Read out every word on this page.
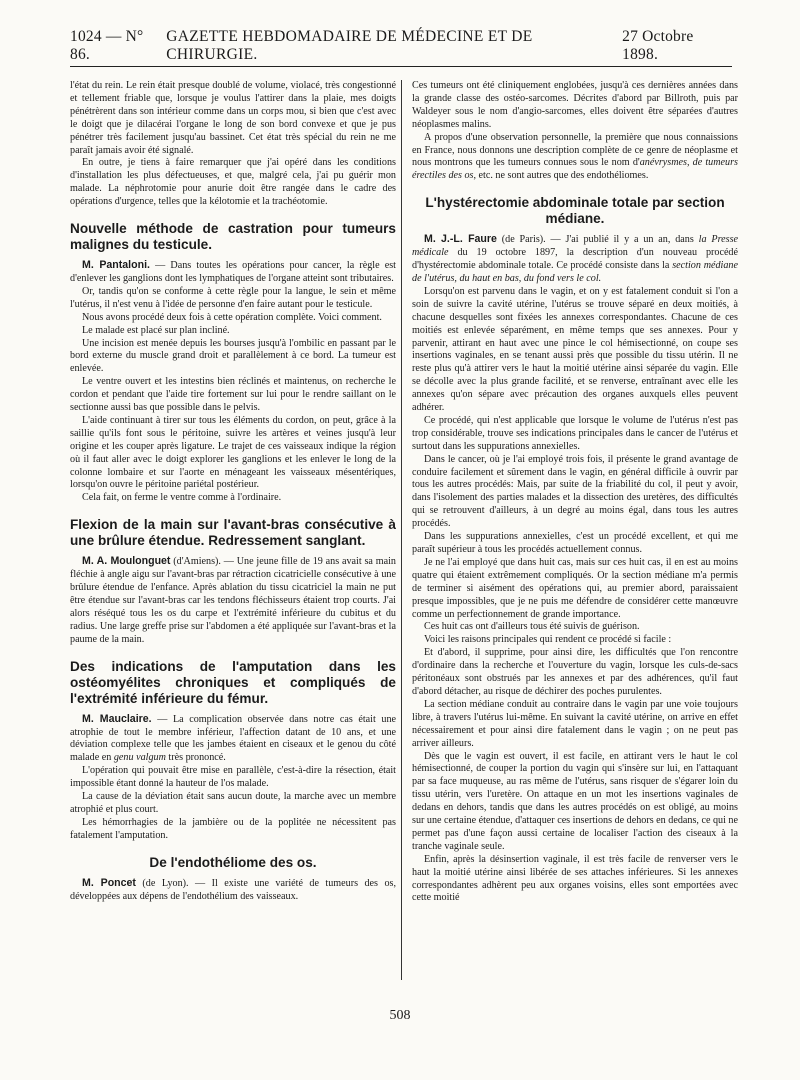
1024 — N° 86.
GAZETTE HEBDOMADAIRE DE MÉDECINE ET DE CHIRURGIE.
27 Octobre 1898.

l'état du rein. Le rein était presque doublé de volume, violacé, très congestionné et tellement friable que, lorsque je voulus l'attirer dans la plaie, mes doigts pénétrèrent dans son intérieur comme dans un corps mou, si bien que c'est avec le doigt que je dilacérai l'organe le long de son bord convexe et que je pus pénétrer très facilement jusqu'au bassinet. Cet état très spécial du rein ne me paraît jamais avoir été signalé.

En outre, je tiens à faire remarquer que j'ai opéré dans les conditions d'installation les plus défectueuses, et que, malgré cela, j'ai pu guérir mon malade. La néphrotomie pour anurie doit être rangée dans le cadre des opérations d'urgence, telles que la kélotomie et la trachéotomie.

Nouvelle méthode de castration pour tumeurs malignes du testicule.

M. Pantaloni. — Dans toutes les opérations pour cancer, la règle est d'enlever les ganglions dont les lymphatiques de l'organe atteint sont tributaires.

Or, tandis qu'on se conforme à cette règle pour la langue, le sein et même l'utérus, il n'est venu à l'idée de personne d'en faire autant pour le testicule.

Nous avons procédé deux fois à cette opération complète. Voici comment.

Le malade est placé sur plan incliné.

Une incision est menée depuis les bourses jusqu'à l'ombilic en passant par le bord externe du muscle grand droit et parallèlement à ce bord. La tumeur est enlevée.

Le ventre ouvert et les intestins bien réclinés et maintenus, on recherche le cordon et pendant que l'aide tire fortement sur lui pour le rendre saillant on le sectionne aussi bas que possible dans le pelvis.

L'aide continuant à tirer sur tous les éléments du cordon, on peut, grâce à la saillie qu'ils font sous le péritoine, suivre les artères et veines jusqu'à leur origine et les couper après ligature. Le trajet de ces vaisseaux indique la région où il faut aller avec le doigt explorer les ganglions et les enlever le long de la colonne lombaire et sur l'aorte en ménageant les vaisseaux mésentériques, lorsqu'on ouvre le péritoine pariétal postérieur.

Cela fait, on ferme le ventre comme à l'ordinaire.

Flexion de la main sur l'avant-bras consécutive à une brûlure étendue. Redressement sanglant.

M. A. Moulonguet (d'Amiens). — Une jeune fille de 19 ans avait sa main fléchie à angle aigu sur l'avant-bras par rétraction cicatricielle consécutive à une brûlure étendue de l'enfance. Après ablation du tissu cicatriciel la main ne put être étendue sur l'avant-bras car les tendons fléchisseurs étaient trop courts. J'ai alors réséqué tous les os du carpe et l'extrémité inférieure du cubitus et du radius. Une large greffe prise sur l'abdomen a été appliquée sur l'avant-bras et la paume de la main.

Des indications de l'amputation dans les ostéomyélites chroniques et compliqués de l'extrémité inférieure du fémur.

M. Mauclaire. — La complication observée dans notre cas était une atrophie de tout le membre inférieur, l'affection datant de 10 ans, et une déviation complexe telle que les jambes étaient en ciseaux et le genou du côté malade en genu valgum très prononcé.

L'opération qui pouvait être mise en parallèle, c'est-à-dire la résection, était impossible étant donné la hauteur de l'os malade.

La cause de la déviation était sans aucun doute, la marche avec un membre atrophié et plus court.

Les hémorrhagies de la jambière ou de la poplitée ne nécessitent pas fatalement l'amputation.

De l'endothéliome des os.

M. Poncet (de Lyon). — Il existe une variété de tumeurs des os, développées aux dépens de l'endothélium des vaisseaux.

Ces tumeurs ont été cliniquement englobées, jusqu'à ces dernières années dans la grande classe des ostéo-sarcomes. Décrites d'abord par Billroth, puis par Waldeyer sous le nom d'angio-sarcomes, elles doivent être séparées d'autres néoplasmes malins.

A propos d'une observation personnelle, la première que nous connaissions en France, nous donnons une description complète de ce genre de néoplasme et nous montrons que les tumeurs connues sous le nom d'anévrysmes, de tumeurs érectiles des os, etc. ne sont autres que des endothéliomes.

L'hystérectomie abdominale totale par section médiane.

M. J.-L. Faure (de Paris). — J'ai publié il y a un an, dans la Presse médicale du 19 octobre 1897, la description d'un nouveau procédé d'hystérectomie abdominale totale. Ce procédé consiste dans la section médiane de l'utérus, du haut en bas, du fond vers le col.

Lorsqu'on est parvenu dans le vagin, et on y est fatalement conduit si l'on a soin de suivre la cavité utérine, l'utérus se trouve séparé en deux moitiés, à chacune desquelles sont fixées les annexes correspondantes. Chacune de ces moitiés est enlevée séparément, en même temps que ses annexes. Pour y parvenir, attirant en haut avec une pince le col hémisectionné, on coupe ses insertions vaginales, en se tenant aussi près que possible du tissu utérin. Il ne reste plus qu'à attirer vers le haut la moitié utérine ainsi séparée du vagin. Elle se décolle avec la plus grande facilité, et se renverse, entraînant avec elle les annexes qu'on sépare avec précaution des organes auxquels elles peuvent adhérer.

Ce procédé, qui n'est applicable que lorsque le volume de l'utérus n'est pas trop considérable, trouve ses indications principales dans le cancer de l'utérus et surtout dans les suppurations annexielles.

Dans le cancer, où je l'ai employé trois fois, il présente le grand avantage de conduire facilement et sûrement dans le vagin, en général difficile à ouvrir par tous les autres procédés: Mais, par suite de la friabilité du col, il peut y avoir, dans l'isolement des parties malades et la dissection des uretères, des difficultés qui se retrouvent d'ailleurs, à un degré au moins égal, dans tous les autres procédés.

Dans les suppurations annexielles, c'est un procédé excellent, et qui me paraît supérieur à tous les procédés actuellement connus.

Je ne l'ai employé que dans huit cas, mais sur ces huit cas, il en est au moins quatre qui étaient extrêmement compliqués. Or la section médiane m'a permis de terminer si aisément des opérations qui, au premier abord, paraissaient presque impossibles, que je ne puis me défendre de considérer cette manœuvre comme un perfectionnement de grande importance.

Ces huit cas ont d'ailleurs tous été suivis de guérison.

Voici les raisons principales qui rendent ce procédé si facile :

Et d'abord, il supprime, pour ainsi dire, les difficultés que l'on rencontre d'ordinaire dans la recherche et l'ouverture du vagin, lorsque les culs-de-sacs péritonéaux sont obstrués par les annexes et par des adhérences, qu'il faut d'abord détacher, au risque de déchirer des poches purulentes.

La section médiane conduit au contraire dans le vagin par une voie toujours libre, à travers l'utérus lui-même. En suivant la cavité utérine, on arrive en effet nécessairement et pour ainsi dire fatalement dans le vagin ; on ne peut pas arriver ailleurs.

Dès que le vagin est ouvert, il est facile, en attirant vers le haut le col hémisectionné, de couper la portion du vagin qui s'insère sur lui, en l'attaquant par sa face muqueuse, au ras même de l'utérus, sans risquer de s'égarer loin du tissu utérin, vers l'uretère. On attaque en un mot les insertions vaginales de dedans en dehors, tandis que dans les autres procédés on est obligé, au moins sur une certaine étendue, d'attaquer ces insertions de dehors en dedans, ce qui ne permet pas d'une façon aussi certaine de localiser l'action des ciseaux à la tranche vaginale seule.

Enfin, après la désinsertion vaginale, il est très facile de renverser vers le haut la moitié utérine ainsi libérée de ses attaches inférieures. Si les annexes correspondantes adhèrent peu aux organes voisins, elles sont emportées avec cette moitié

508
